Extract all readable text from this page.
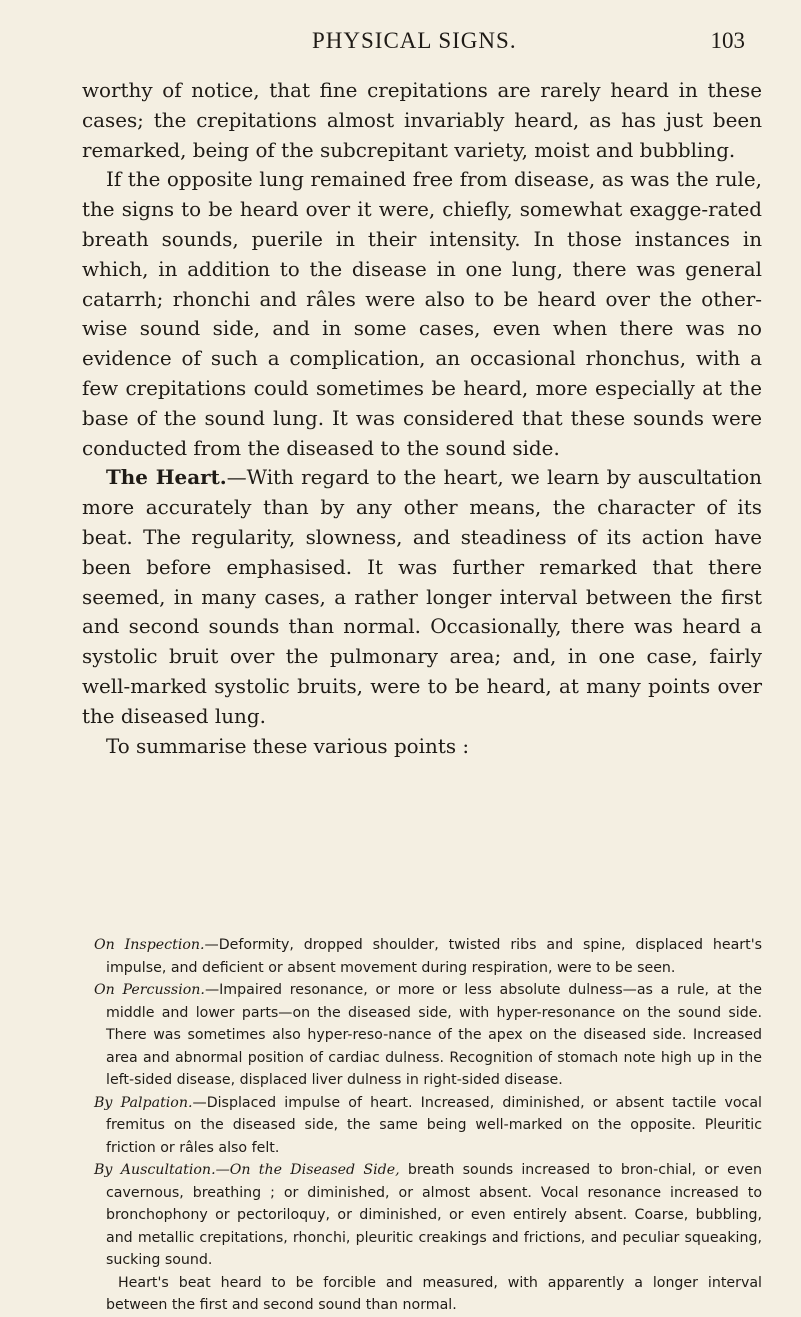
PHYSICAL SIGNS.	103

worthy of notice, that fine crepitations are rarely heard in these cases; the crepitations almost invariably heard, as has just been remarked, being of the subcrepitant variety, moist and bubbling.

If the opposite lung remained free from disease, as was the rule, the signs to be heard over it were, chiefly, somewhat exagge-rated breath sounds, puerile in their intensity. In those instances in which, in addition to the disease in one lung, there was general catarrh; rhonchi and râles were also to be heard over the other-wise sound side, and in some cases, even when there was no evidence of such a complication, an occasional rhonchus, with a few crepitations could sometimes be heard, more especially at the base of the sound lung. It was considered that these sounds were conducted from the diseased to the sound side.

The Heart.—With regard to the heart, we learn by auscultation more accurately than by any other means, the character of its beat. The regularity, slowness, and steadiness of its action have been before emphasised. It was further remarked that there seemed, in many cases, a rather longer interval between the first and second sounds than normal. Occasionally, there was heard a systolic bruit over the pulmonary area; and, in one case, fairly well-marked systolic bruits, were to be heard, at many points over the diseased lung.

To summarise these various points :

On Inspection.—Deformity, dropped shoulder, twisted ribs and spine, displaced heart's impulse, and deficient or absent movement during respiration, were to be seen.

On Percussion.—Impaired resonance, or more or less absolute dulness—as a rule, at the middle and lower parts—on the diseased side, with hyper-resonance on the sound side. There was sometimes also hyper-reso-nance of the apex on the diseased side. Increased area and abnormal position of cardiac dulness. Recognition of stomach note high up in the left-sided disease, displaced liver dulness in right-sided disease.

By Palpation.—Displaced impulse of heart. Increased, diminished, or absent tactile vocal fremitus on the diseased side, the same being well-marked on the opposite. Pleuritic friction or râles also felt.

By Auscultation.—On the Diseased Side, breath sounds increased to bron-chial, or even cavernous, breathing ; or diminished, or almost absent. Vocal resonance increased to bronchophony or pectoriloquy, or diminished, or even entirely absent. Coarse, bubbling, and metallic crepitations, rhonchi, pleuritic creakings and frictions, and peculiar squeaking, sucking sound.

Heart's beat heard to be forcible and measured, with apparently a longer interval between the first and second sound than normal.
